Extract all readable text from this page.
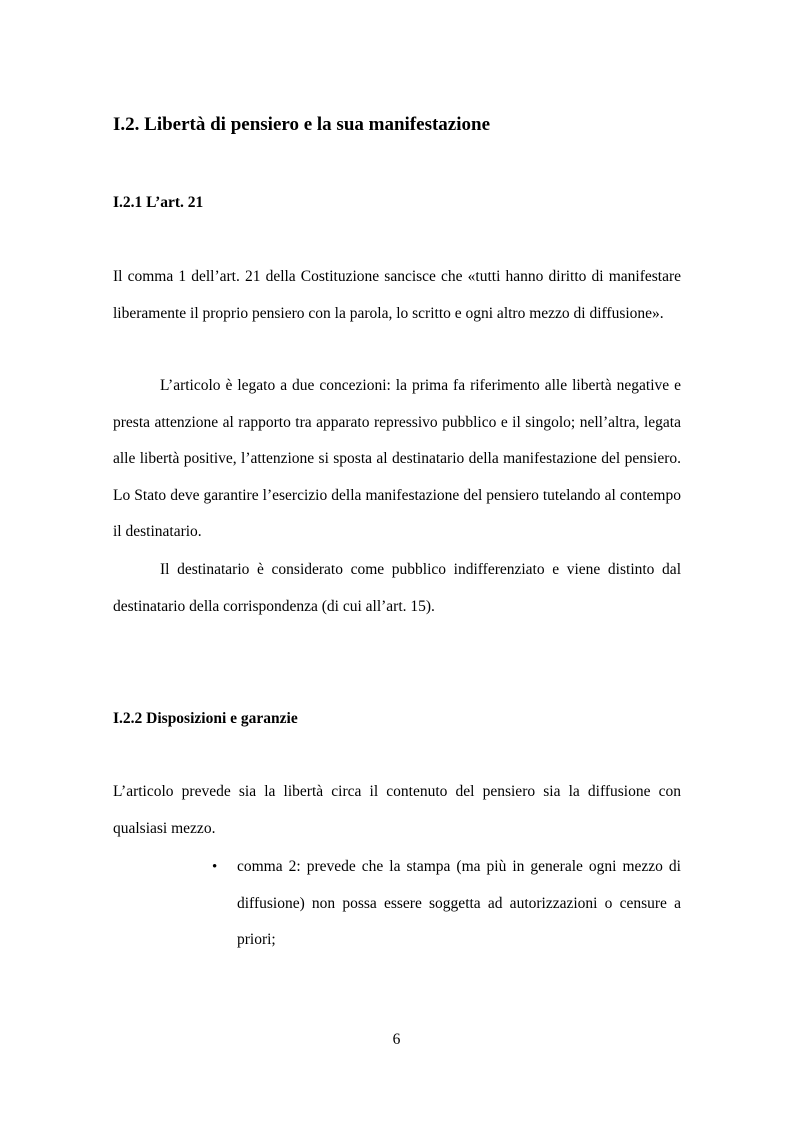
I.2. Libertà di pensiero e la sua manifestazione
I.2.1 L’art. 21

Il comma 1 dell’art. 21 della Costituzione sancisce che «tutti hanno diritto di manifestare liberamente il proprio pensiero con la parola, lo scritto e ogni altro mezzo di diffusione».

L’articolo è legato a due concezioni: la prima fa riferimento alle libertà negative e presta attenzione al rapporto tra apparato repressivo pubblico e il singolo; nell’altra, legata alle libertà positive, l’attenzione si sposta al destinatario della manifestazione del pensiero. Lo Stato deve garantire l’esercizio della manifestazione del pensiero tutelando al contempo il destinatario.

Il destinatario è considerato come pubblico indifferenziato e viene distinto dal destinatario della corrispondenza (di cui all’art. 15).

I.2.2 Disposizioni e garanzie

L’articolo prevede sia la libertà circa il contenuto del pensiero sia la diffusione con qualsiasi mezzo.

• comma 2: prevede che la stampa (ma più in generale ogni mezzo di diffusione) non possa essere soggetta ad autorizzazioni o censure a priori;
6
